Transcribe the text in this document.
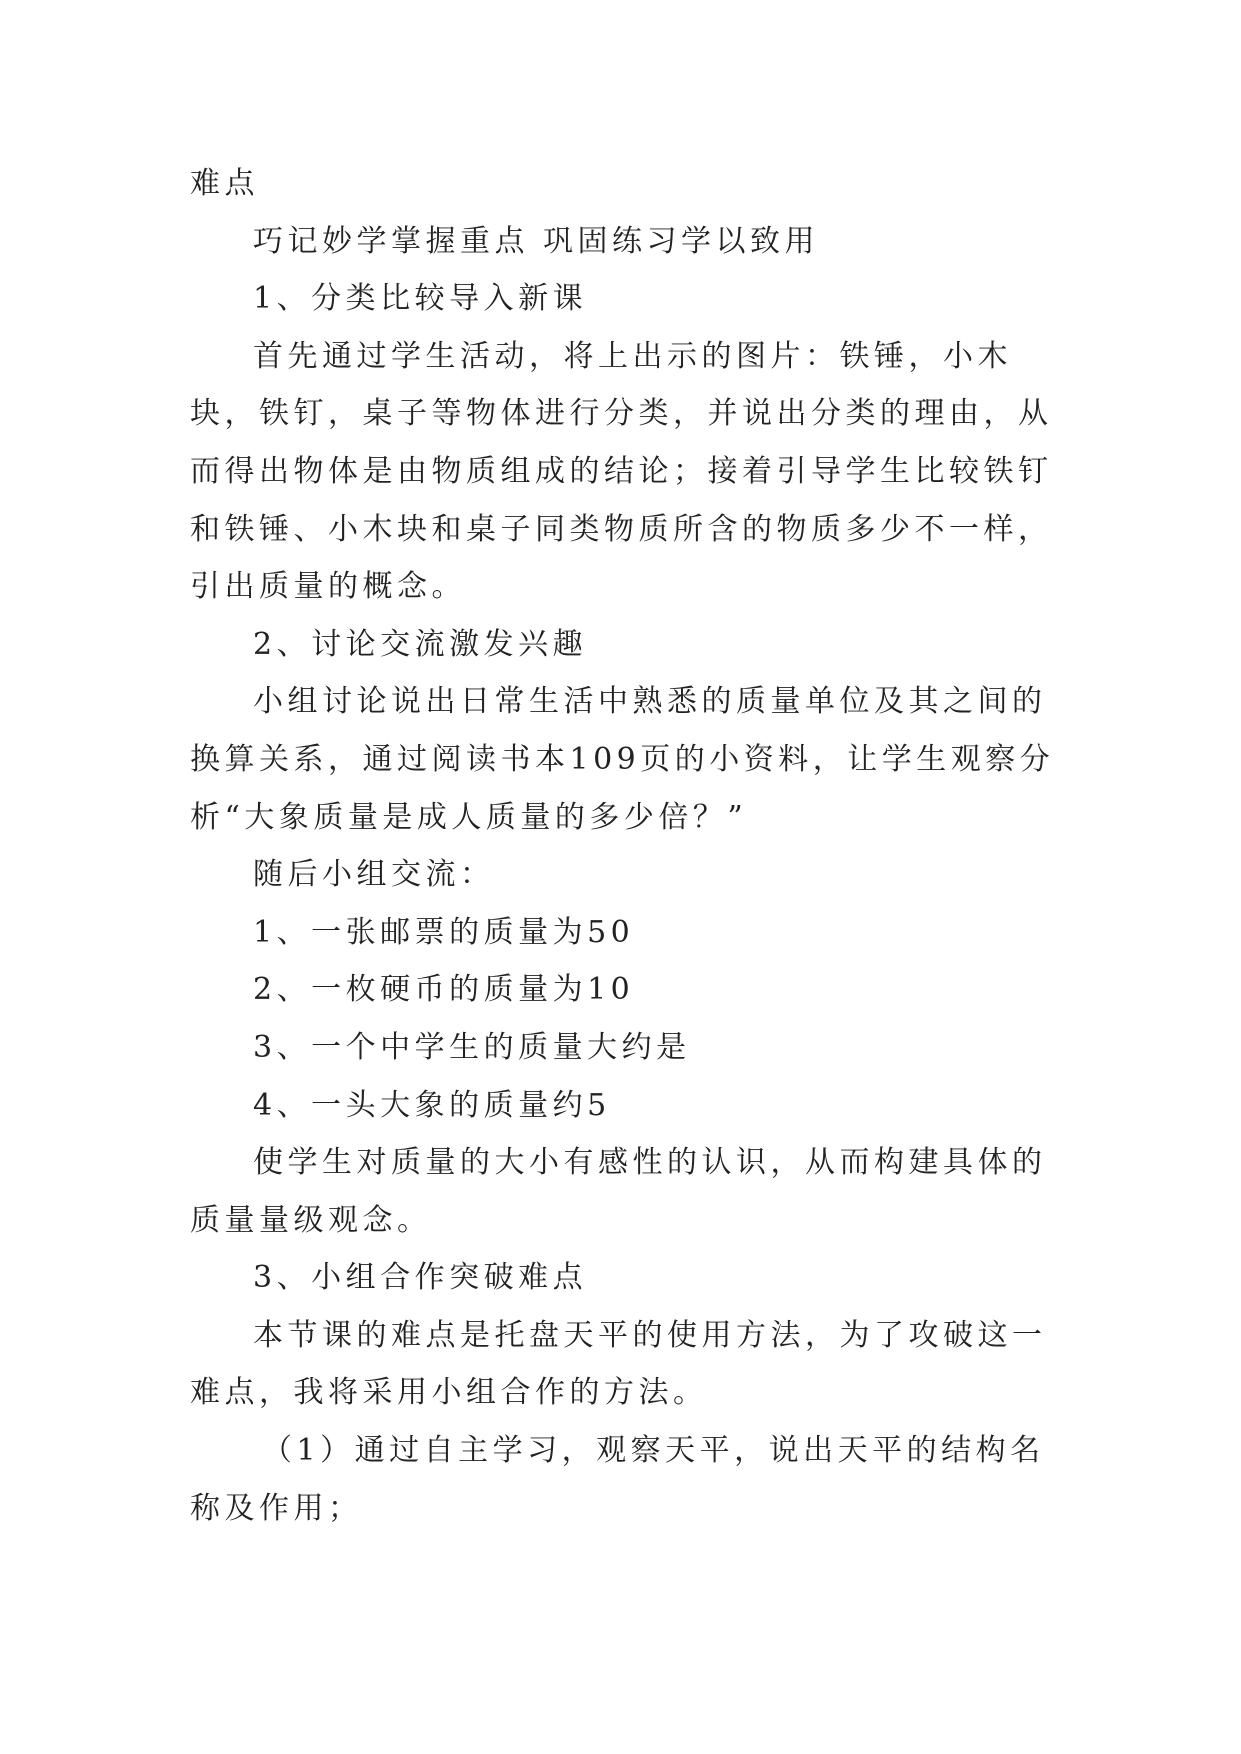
难点

巧记妙学掌握重点 巩固练习学以致用

1、分类比较导入新课

首先通过学生活动，将上出示的图片：铁锤，小木块，铁钉，桌子等物体进行分类，并说出分类的理由，从而得出物体是由物质组成的结论；接着引导学生比较铁钉和铁锤、小木块和桌子同类物质所含的物质多少不一样，引出质量的概念。

2、讨论交流激发兴趣

小组讨论说出日常生活中熟悉的质量单位及其之间的换算关系，通过阅读书本109页的小资料，让学生观察分析“大象质量是成人质量的多少倍？”

随后小组交流：

1、一张邮票的质量为50

2、一枚硬币的质量为10

3、一个中学生的质量大约是

4、一头大象的质量约5

使学生对质量的大小有感性的认识，从而构建具体的质量量级观念。

3、小组合作突破难点

本节课的难点是托盘天平的使用方法，为了攻破这一难点，我将采用小组合作的方法。

（1）通过自主学习，观察天平，说出天平的结构名称及作用；
